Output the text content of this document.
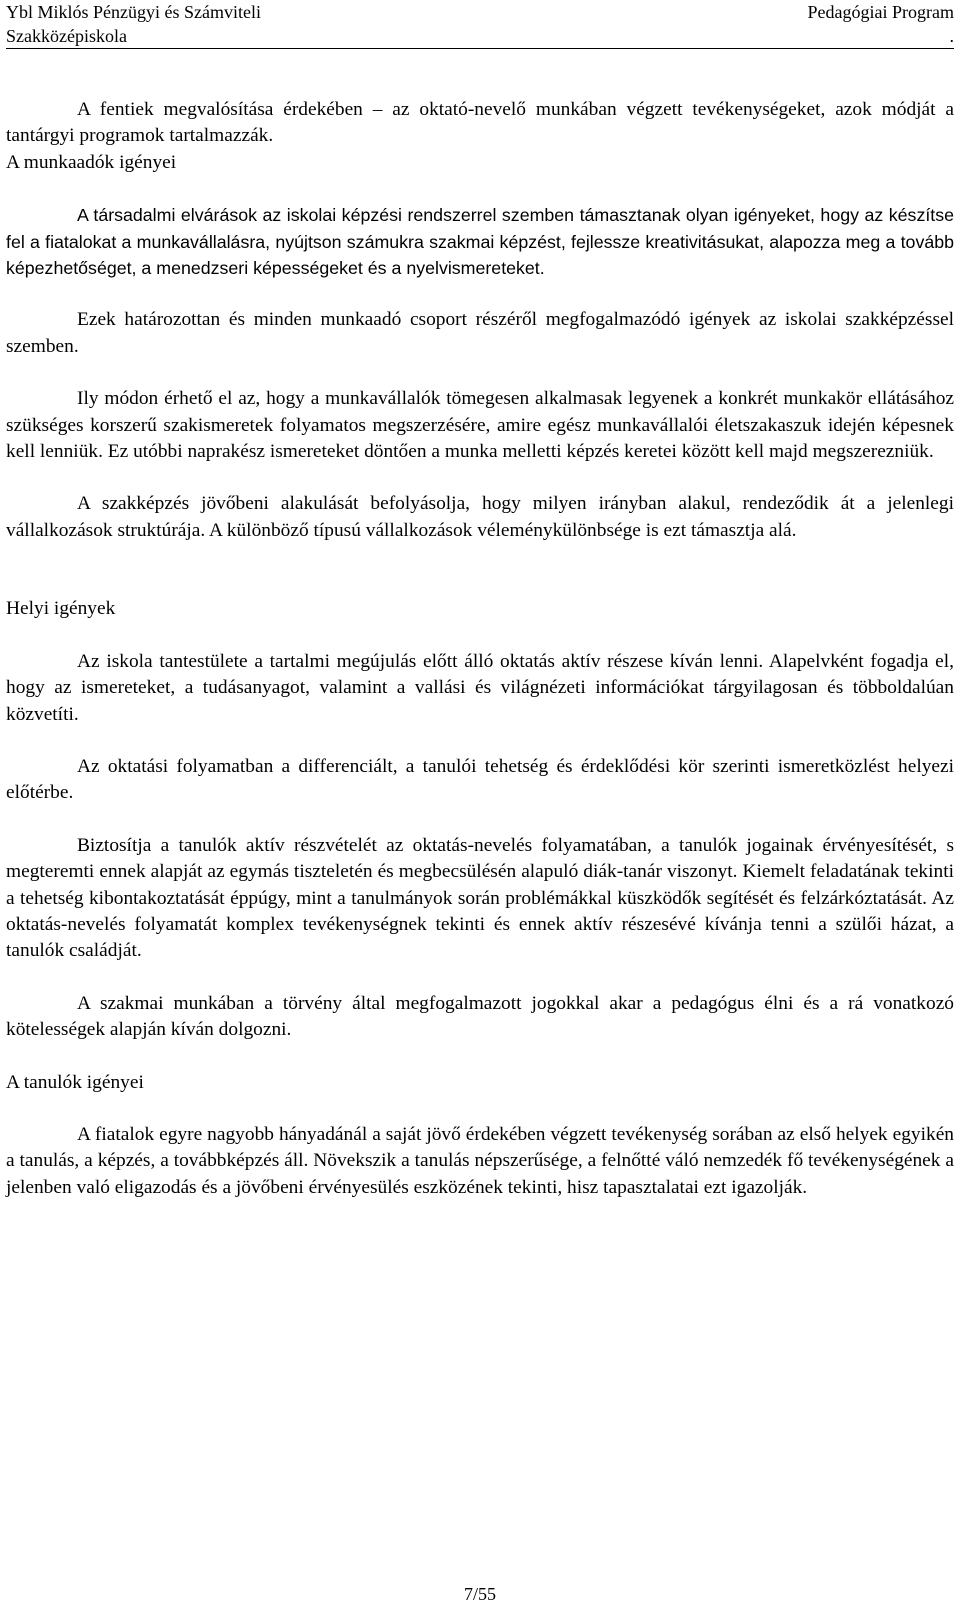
Ybl Miklós Pénzügyi és Számviteli
Szakközépiskola
Pedagógiai Program
.

A fentiek megvalósítása érdekében – az oktató-nevelő munkában végzett tevékenységeket, azok módját a tantárgyi programok tartalmazzák.

A munkaadók igényei

A társadalmi elvárások az iskolai képzési rendszerrel szemben támasztanak olyan igényeket, hogy az készítse fel a fiatalokat a munkavállalásra, nyújtson számukra szakmai képzést, fejlessze kreativitásukat, alapozza meg a tovább képezhetőséget, a menedzseri képességeket és a nyelvismereteket.

Ezek határozottan és minden munkaadó csoport részéről megfogalmazódó igények az iskolai szakképzéssel szemben.

Ily módon érhető el az, hogy a munkavállalók tömegesen alkalmasak legyenek a konkrét munkakör ellátásához szükséges korszerű szakismeretek folyamatos megszerzésére, amire egész munkavállalói életszakaszuk idején képesnek kell lenniük. Ez utóbbi naprakész ismereteket döntően a munka melletti képzés keretei között kell majd megszerezniük.

A szakképzés jövőbeni alakulását befolyásolja, hogy milyen irányban alakul, rendeződik át a jelenlegi vállalkozások struktúrája. A különböző típusú vállalkozások véleménykülönbsége is ezt támasztja alá.

Helyi igények

Az iskola tantestülete a tartalmi megújulás előtt álló oktatás aktív részese kíván lenni. Alapelvként fogadja el, hogy az ismereteket, a tudásanyagot, valamint a vallási és világnézeti információkat tárgyilagosan és többoldalúan közvetíti.

Az oktatási folyamatban a differenciált, a tanulói tehetség és érdeklődési kör szerinti ismeretközlést helyezi előtérbe.

Biztosítja a tanulók aktív részvételét az oktatás-nevelés folyamatában, a tanulók jogainak érvényesítését, s megteremti ennek alapját az egymás tiszteletén és megbecsülésén alapuló diák-tanár viszonyt. Kiemelt feladatának tekinti a tehetség kibontakoztatását éppúgy, mint a tanulmányok során problémákkal küszködők segítését és felzárkóztatását. Az oktatás-nevelés folyamatát komplex tevékenységnek tekinti és ennek aktív részesévé kívánja tenni a szülői házat, a tanulók családját.

A szakmai munkában a törvény által megfogalmazott jogokkal akar a pedagógus élni és a rá vonatkozó kötelességek alapján kíván dolgozni.

A tanulók igényei

A fiatalok egyre nagyobb hányadánál a saját jövő érdekében végzett tevékenység sorában az első helyek egyikén a tanulás, a képzés, a továbbképzés áll. Növekszik a tanulás népszerűsége, a felnőtté váló nemzedék fő tevékenységének a jelenben való eligazodás és a jövőbeni érvényesülés eszközének tekinti, hisz tapasztalatai ezt igazolják.

7/55
